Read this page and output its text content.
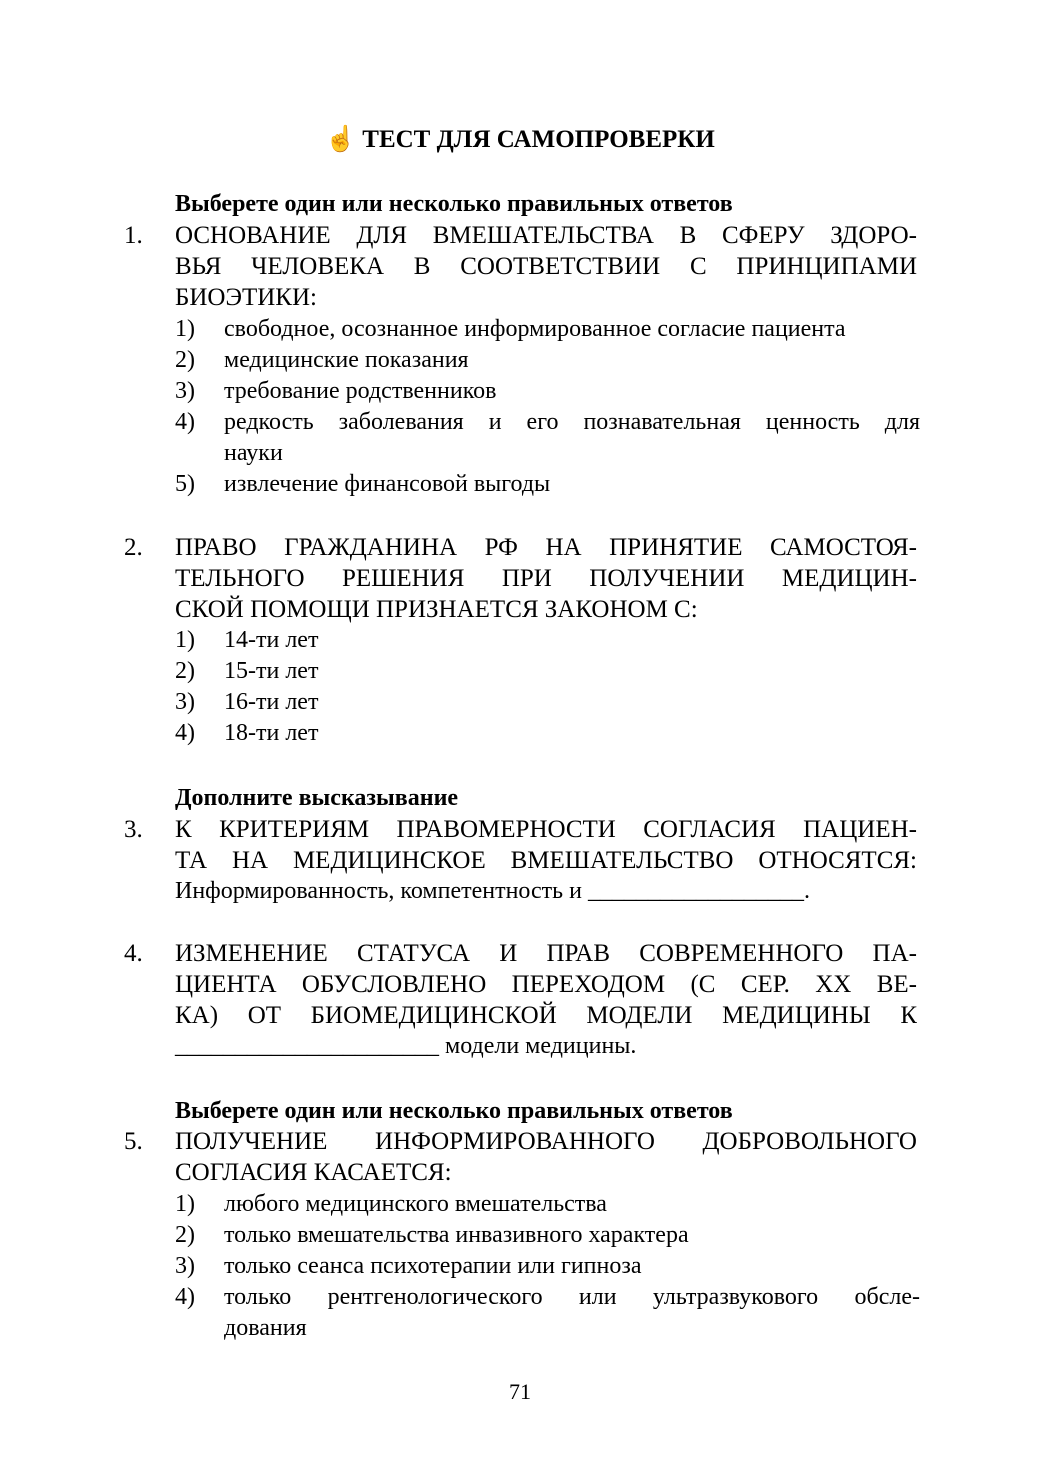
☝ ТЕСТ ДЛЯ САМОПРОВЕРКИ
Выберете один или несколько правильных ответов
1. ОСНОВАНИЕ ДЛЯ ВМЕШАТЕЛЬСТВА В СФЕРУ ЗДОРО-
ВЬЯ ЧЕЛОВЕКА В СООТВЕТСТВИИ С ПРИНЦИПАМИ
БИОЭТИКИ:
1) свободное, осознанное информированное согласие пациента
2) медицинские показания
3) требование родственников
4) редкость заболевания и его познавательная ценность для
науки
5) извлечение финансовой выгоды
2. ПРАВО ГРАЖДАНИНА РФ НА ПРИНЯТИЕ САМОСТОЯ-
ТЕЛЬНОГО РЕШЕНИЯ ПРИ ПОЛУЧЕНИИ МЕДИЦИН-
СКОЙ ПОМОЩИ ПРИЗНАЕТСЯ ЗАКОНОМ С:
1) 14-ти лет
2) 15-ти лет
3) 16-ти лет
4) 18-ти лет
Дополните высказывание
3. К КРИТЕРИЯМ ПРАВОМЕРНОСТИ СОГЛАСИЯ ПАЦИЕН-
ТА НА МЕДИЦИНСКОЕ ВМЕШАТЕЛЬСТВО ОТНОСЯТСЯ:
Информированность, компетентность и __________________.
4. ИЗМЕНЕНИЕ СТАТУСА И ПРАВ СОВРЕМЕННОГО ПА-
ЦИЕНТА ОБУСЛОВЛЕНО ПЕРЕХОДОМ (С СЕР. XX ВЕ-
КА) ОТ БИОМЕДИЦИНСКОЙ МОДЕЛИ МЕДИЦИНЫ К
______________________ модели медицины.
Выберете один или несколько правильных ответов
5. ПОЛУЧЕНИЕ ИНФОРМИРОВАННОГО ДОБРОВОЛЬНОГО
СОГЛАСИЯ КАСАЕТСЯ:
1) любого медицинского вмешательства
2) только вмешательства инвазивного характера
3) только сеанса психотерапии или гипноза
4) только рентгенологического или ультразвукового обсле-
дования
71
